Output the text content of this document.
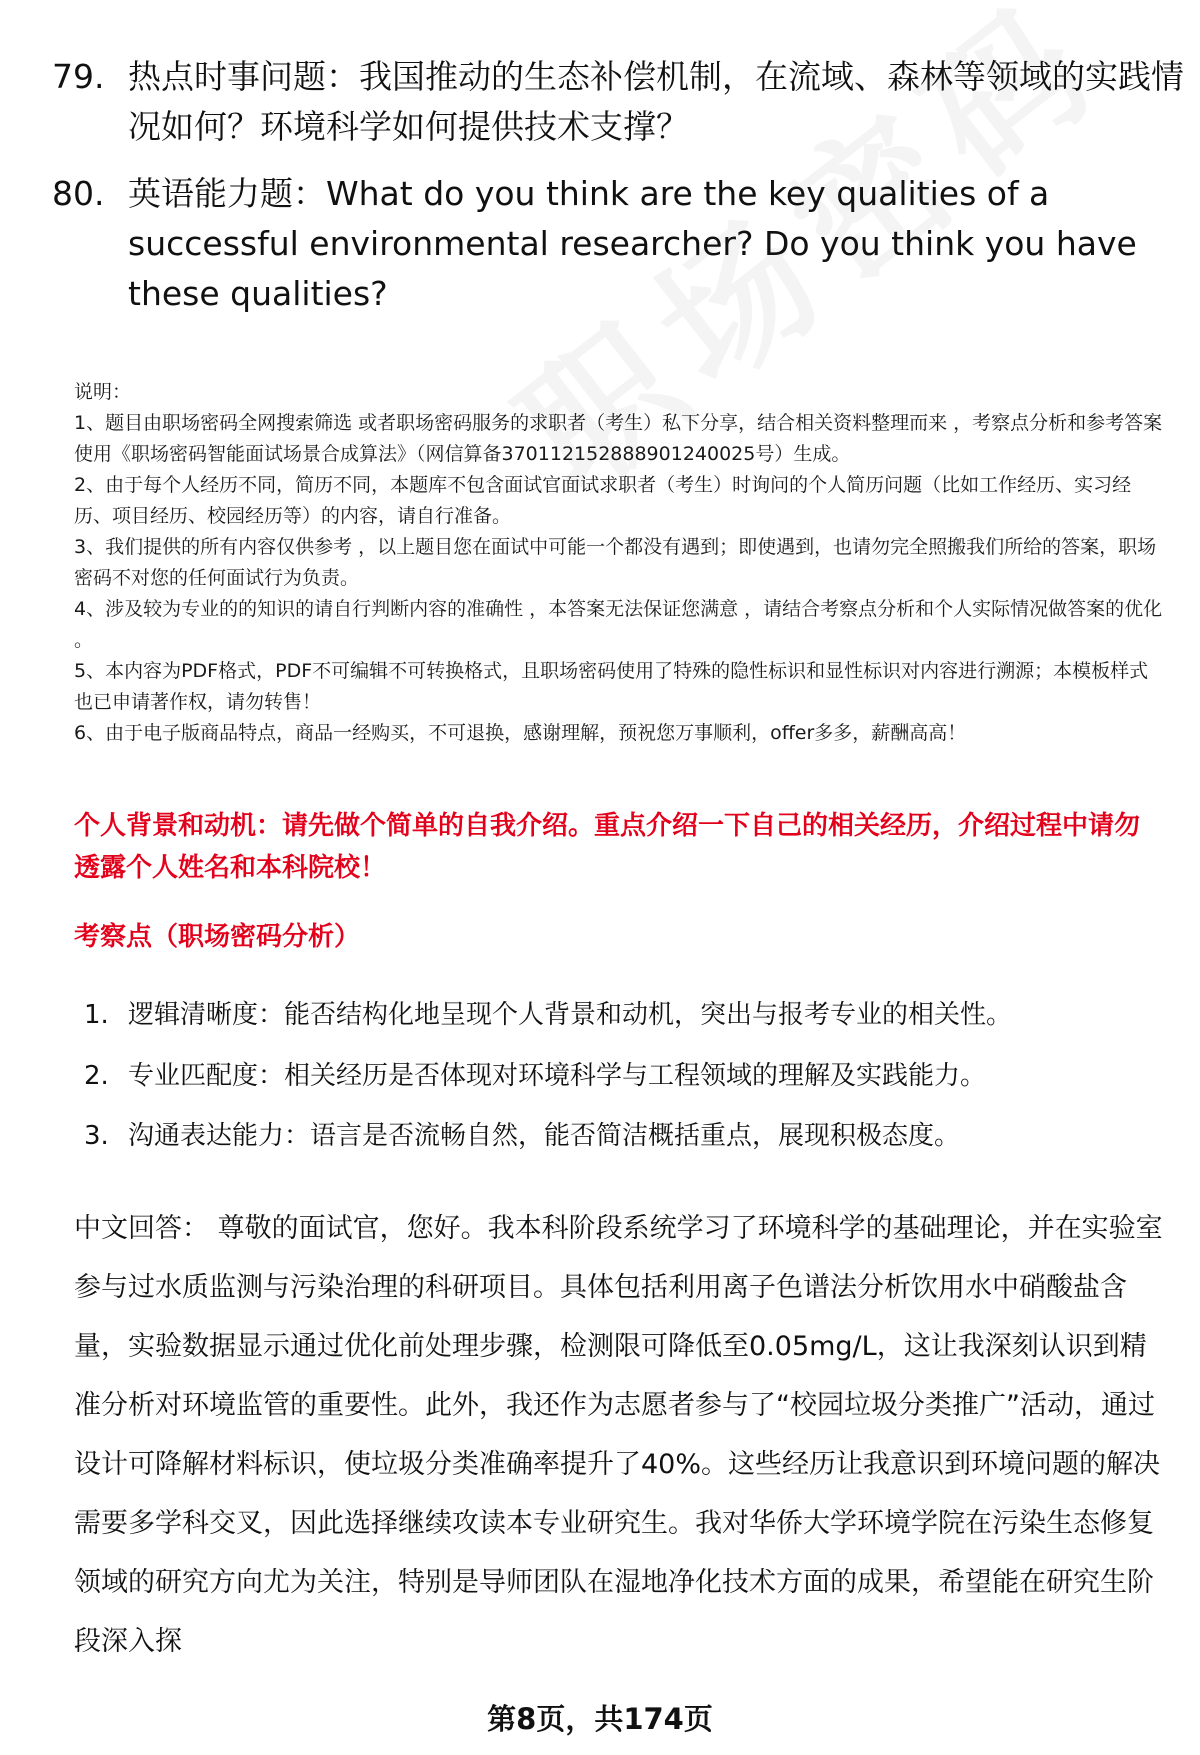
79. 热点时事问题：我国推动的生态补偿机制，在流域、森林等领域的实践情况如何？环境科学如何提供技术支撑？
80. 英语能力题：What do you think are the key qualities of a successful environmental researcher? Do you think you have these qualities?
说明：
1、题目由职场密码全网搜索筛选 或者职场密码服务的求职者（考生）私下分享，结合相关资料整理而来 ，考察点分析和参考答案使用《职场密码智能面试场景合成算法》（网信算备370112152888901240025号）生成。
2、由于每个人经历不同，简历不同，本题库不包含面试官面试求职者（考生）时询问的个人简历问题（比如工作经历、实习经历、项目经历、校园经历等）的内容，请自行准备。
3、我们提供的所有内容仅供参考 ，以上题目您在面试中可能一个都没有遇到；即使遇到，也请勿完全照搬我们所给的答案，职场密码不对您的任何面试行为负责。
4、涉及较为专业的的知识的请自行判断内容的准确性 ，本答案无法保证您满意 ，请结合考察点分析和个人实际情况做答案的优化 。
5、本内容为PDF格式，PDF不可编辑不可转换格式，且职场密码使用了特殊的隐性标识和显性标识对内容进行溯源；本模板样式也已申请著作权，请勿转售！
6、由于电子版商品特点，商品一经购买，不可退换，感谢理解，预祝您万事顺利，offer多多，薪酬高高！
个人背景和动机：请先做个简单的自我介绍。重点介绍一下自己的相关经历，介绍过程中请勿透露个人姓名和本科院校！
考察点（职场密码分析）
1. 逻辑清晰度：能否结构化地呈现个人背景和动机，突出与报考专业的相关性。
2. 专业匹配度：相关经历是否体现对环境科学与工程领域的理解及实践能力。
3. 沟通表达能力：语言是否流畅自然，能否简洁概括重点，展现积极态度。
中文回答： 尊敬的面试官，您好。我本科阶段系统学习了环境科学的基础理论，并在实验室参与过水质监测与污染治理的科研项目。具体包括利用离子色谱法分析饮用水中硝酸盐含量，实验数据显示通过优化前处理步骤，检测限可降低至0.05mg/L，这让我深刻认识到精准分析对环境监管的重要性。此外，我还作为志愿者参与了“校园垃圾分类推广”活动，通过设计可降解材料标识，使垃圾分类准确率提升了40%。这些经历让我意识到环境问题的解决需要多学科交叉，因此选择继续攻读本专业研究生。我对华侨大学环境学院在污染生态修复领域的研究方向尤为关注，特别是导师团队在湿地净化技术方面的成果，希望能在研究生阶段深入探
第8页，共174页
